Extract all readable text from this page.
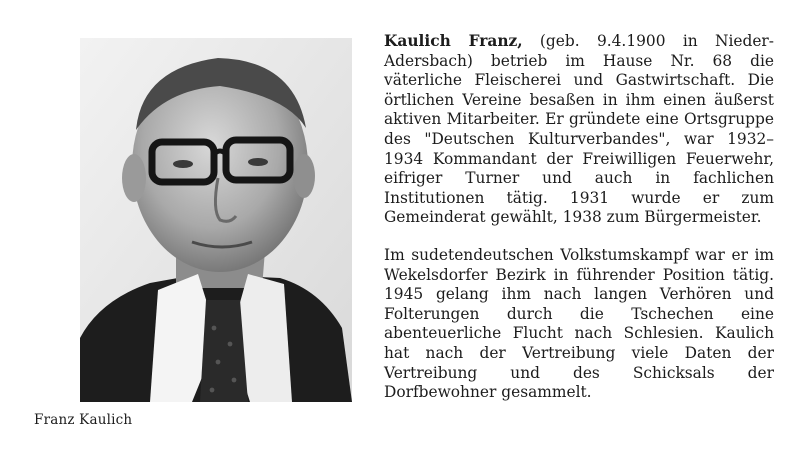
Franz Kaulich

Kaulich Franz, (geb. 9.4.1900 in Nieder-Adersbach) betrieb im Hause Nr. 68 die väterliche Fleischerei und Gastwirtschaft. Die örtlichen Vereine besaßen in ihm einen äußerst aktiven Mitarbeiter. Er gründete eine Ortsgruppe des "Deutschen Kulturverbandes", war 1932–1934 Kommandant der Freiwilligen Feuerwehr, eifriger Turner und auch in fachlichen Institutionen tätig. 1931 wurde er zum Gemeinderat gewählt, 1938 zum Bürgermeister.

Im sudetendeutschen Volkstumskampf war er im Wekelsdorfer Bezirk in führender Position tätig. 1945 gelang ihm nach langen Verhören und Folterungen durch die Tschechen eine abenteuerliche Flucht nach Schlesien. Kaulich hat nach der Vertreibung viele Daten der Vertreibung und des Schicksals der Dorfbewohner gesammelt.
